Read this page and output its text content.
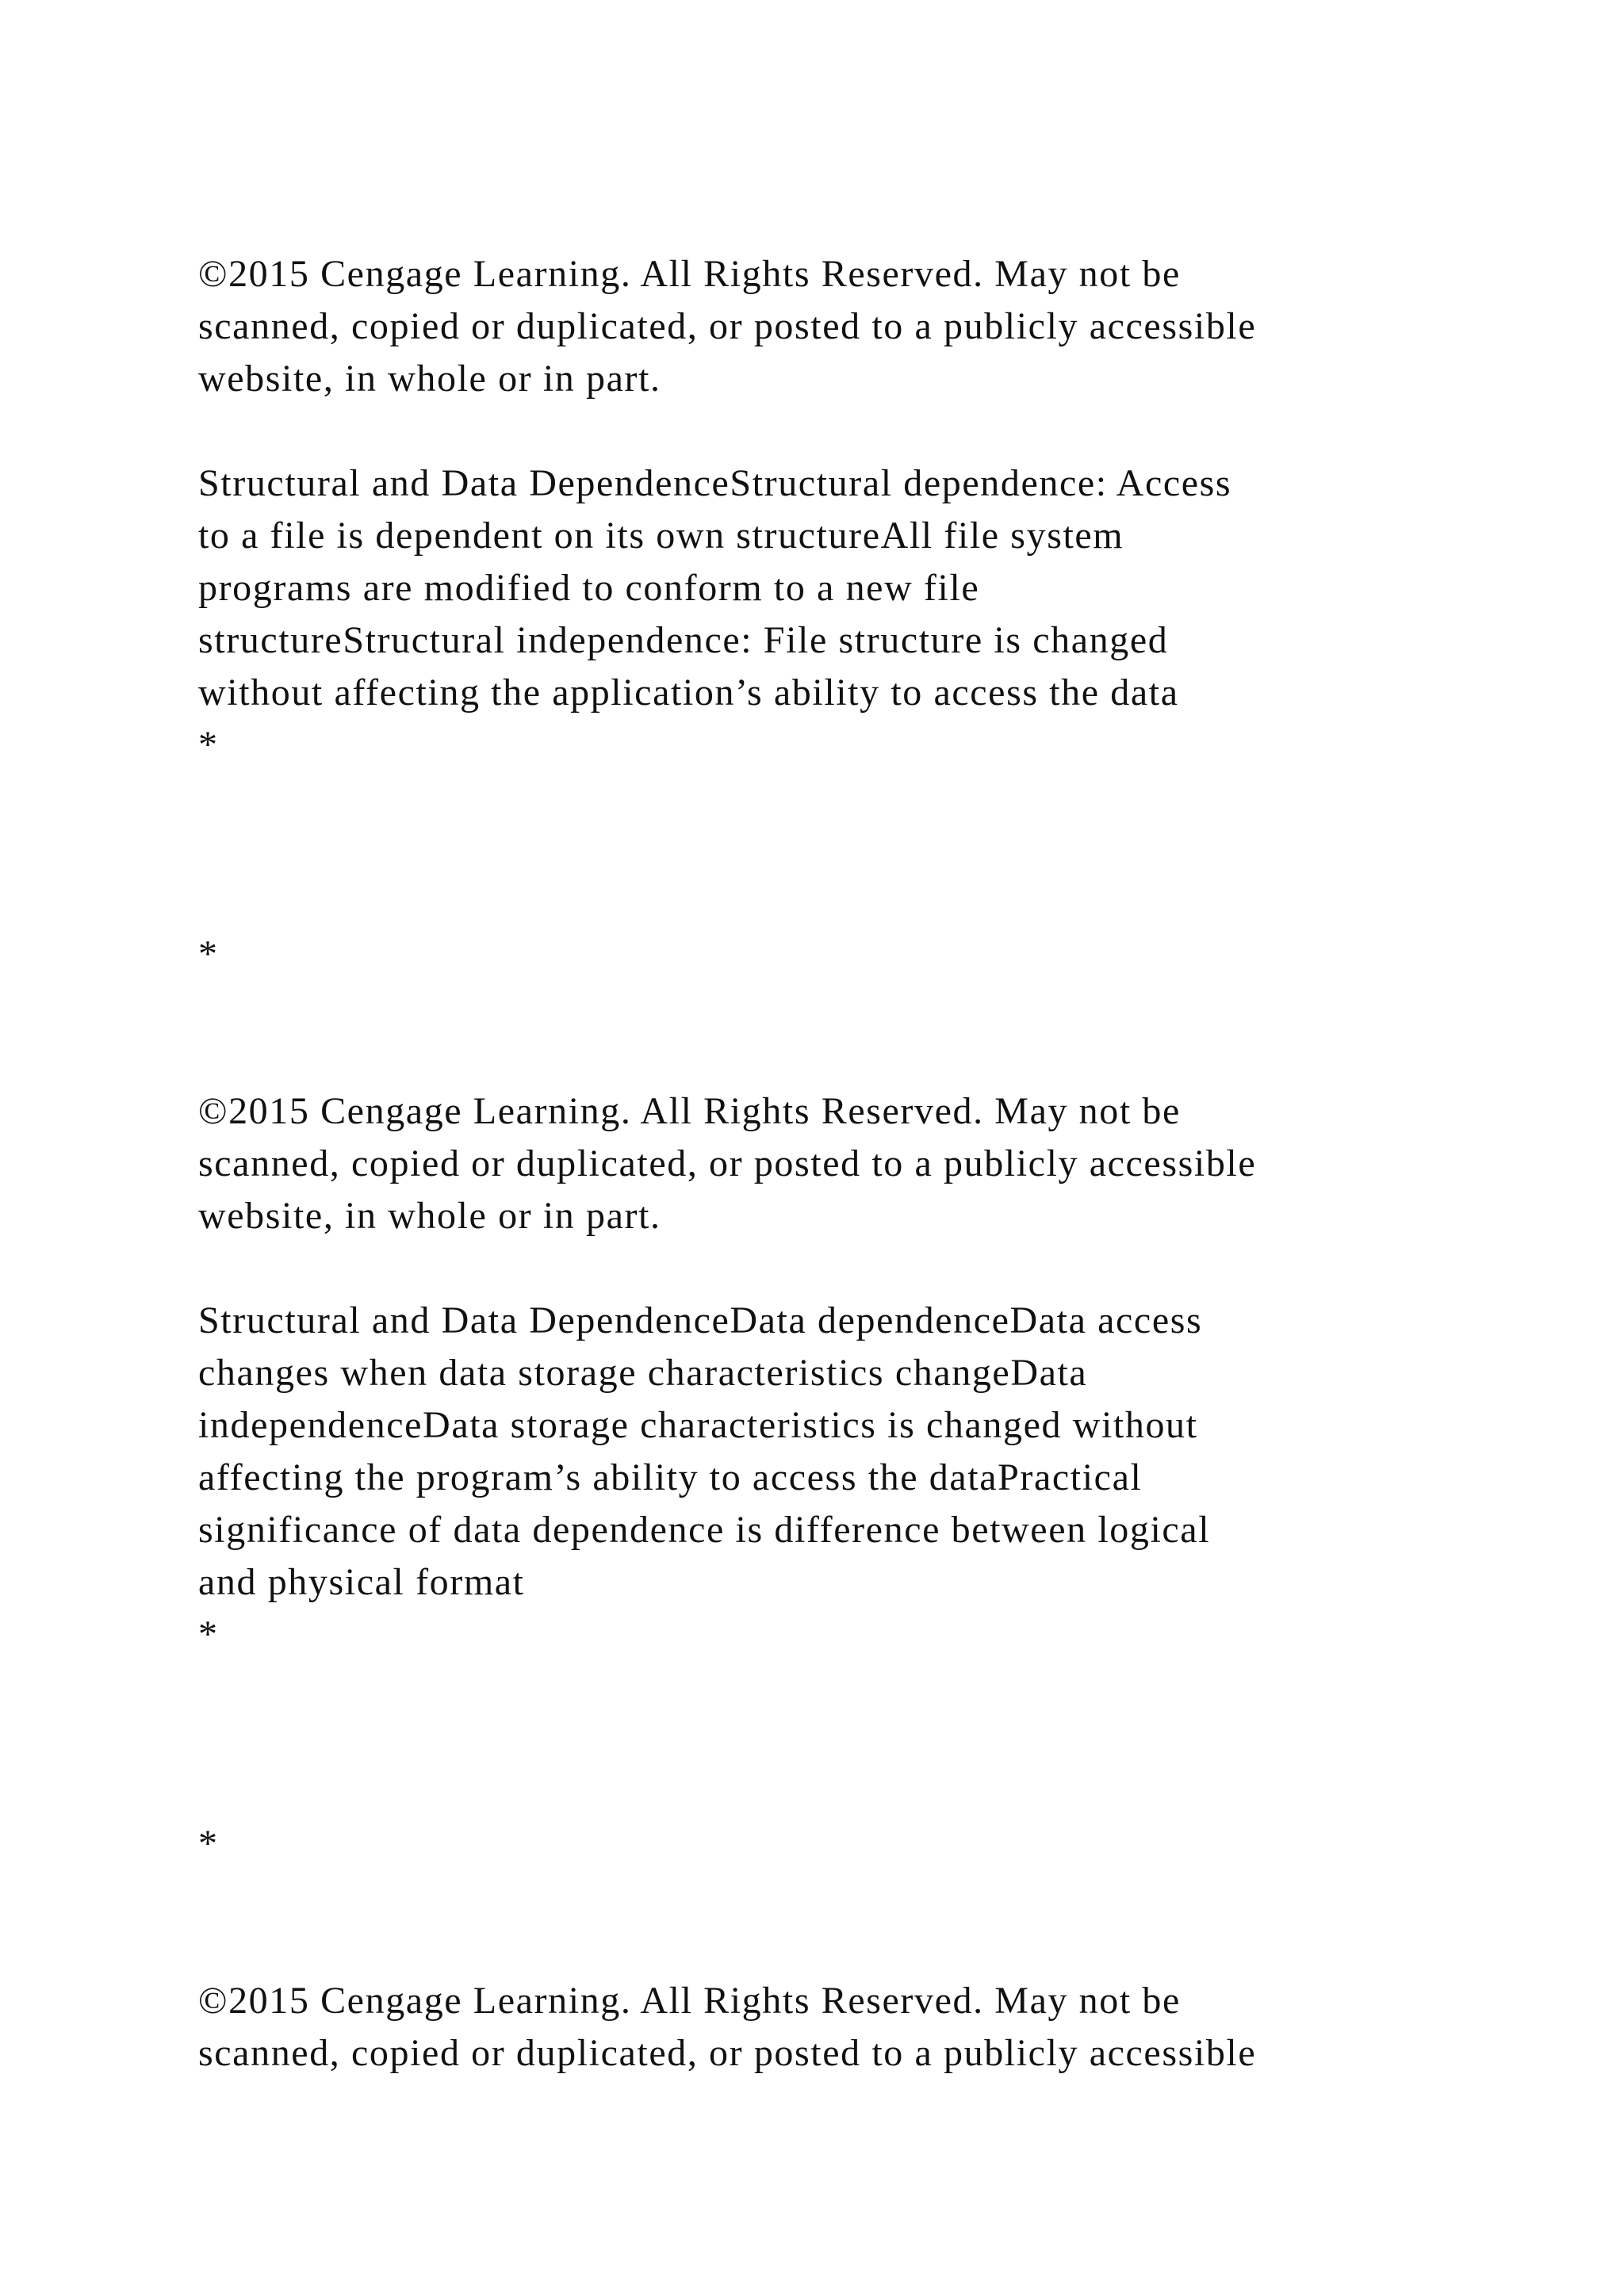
©2015 Cengage Learning. All Rights Reserved. May not be

scanned, copied or duplicated, or posted to a publicly accessible

website, in whole or in part.

Structural and Data DependenceStructural dependence: Access

to a file is dependent on its own structureAll file system

programs are modified to conform to a new file

structureStructural independence: File structure is changed

without affecting the application’s ability to access the data

*

*

©2015 Cengage Learning. All Rights Reserved. May not be

scanned, copied or duplicated, or posted to a publicly accessible

website, in whole or in part.

Structural and Data DependenceData dependenceData access

changes when data storage characteristics changeData

independenceData storage characteristics is changed without

affecting the program’s ability to access the dataPractical

significance of data dependence is difference between logical

and physical format

*

*

©2015 Cengage Learning. All Rights Reserved. May not be

scanned, copied or duplicated, or posted to a publicly accessible
